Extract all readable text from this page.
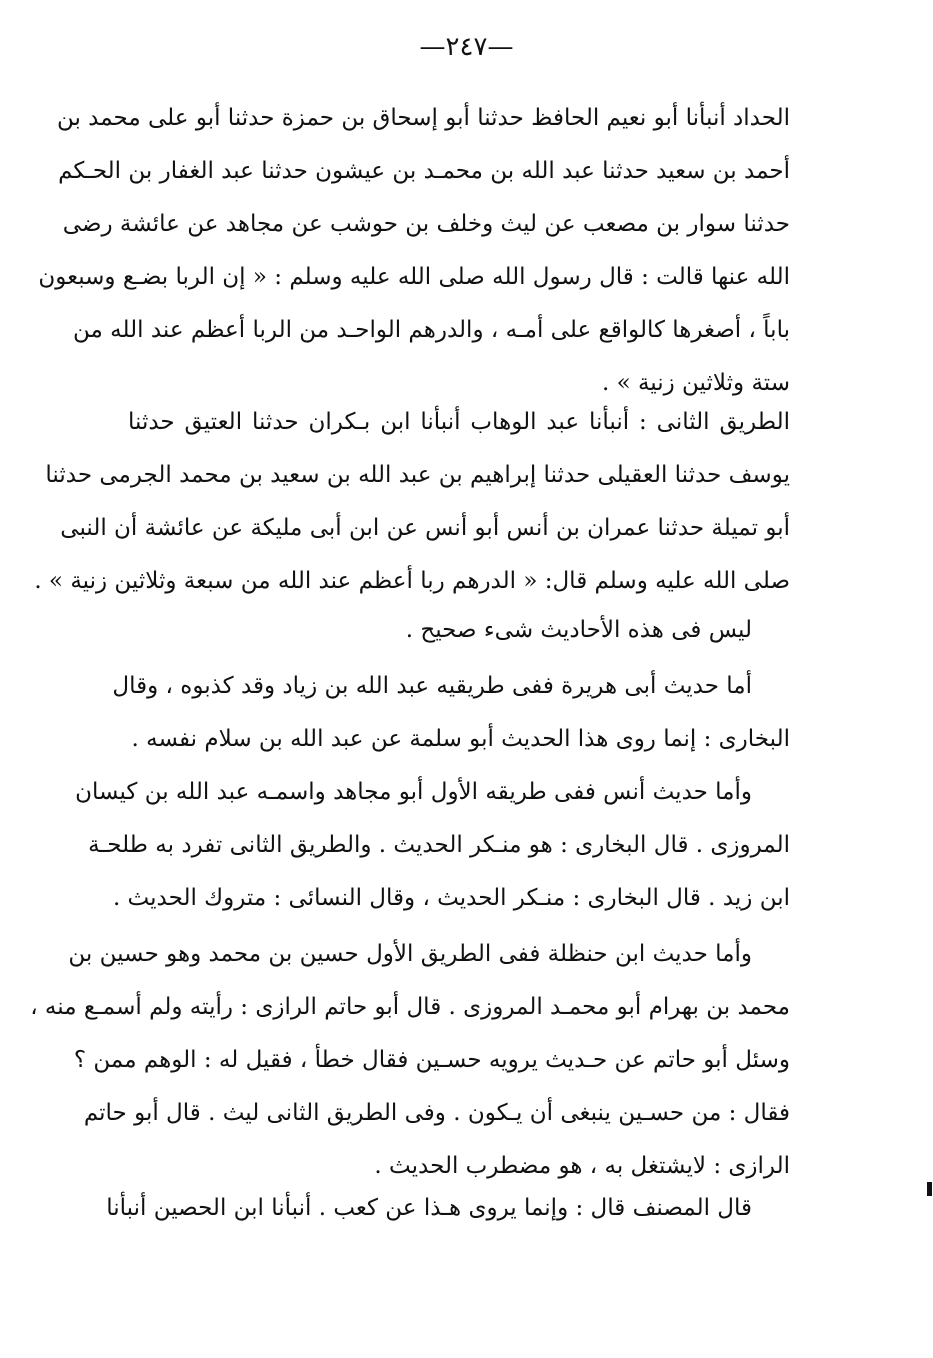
—٢٤٧—
الحداد أنبأنا أبو نعيم الحافظ حدثنا أبو إسحاق بن حمزة حدثنا أبو على محمد بن
أحمد بن سعيد حدثنا عبد الله بن محمـد بن عيشون حدثنا عبد الغفار بن الحـكم
حدثنا سوار بن مصعب عن ليث وخلف بن حوشب عن مجاهد عن عائشة رضى
الله عنها قالت : قال رسول الله صلى الله عليه وسلم : « إن الربا بضـع وسبعون
باباً ، أصغرها كالواقع على أمـه ، والدرهم الواحـد من الربا أعظم عند الله من
ستة وثلاثين زنية » .
الطريق الثانى : أنبأنا عبد الوهاب أنبأنا ابن بـكران حدثنا العتيق حدثنا
يوسف حدثنا العقيلى حدثنا إبراهيم بن عبد الله بن سعيد بن محمد الجرمى حدثنا
أبو تميلة حدثنا عمران بن أنس أبو أنس عن ابن أبى مليكة عن عائشة أن النبى
صلى الله عليه وسلم قال: « الدرهم ربا أعظم عند الله من سبعة وثلاثين زنية » .
ليس فى هذه الأحاديث شىء صحيح .
أما حديث أبى هريرة ففى طريقيه عبد الله بن زياد وقد كذبوه ، وقال
البخارى : إنما روى هذا الحديث أبو سلمة عن عبد الله بن سلام نفسه .
وأما حديث أنس ففى طريقه الأول أبو مجاهد واسمـه عبد الله بن كيسان
المروزى . قال البخارى : هو منـكر الحديث . والطريق الثانى تفرد به طلحـة
ابن زيد . قال البخارى : منـكر الحديث ، وقال النسائى : متروك الحديث .
وأما حديث ابن حنظلة ففى الطريق الأول حسين بن محمد وهو حسين بن
محمد بن بهرام أبو محمـد المروزى . قال أبو حاتم الرازى : رأيته ولم أسمـع منه ،
وسئل أبو حاتم عن حـديث يرويه حسـين فقال خطأ ، فقيل له : الوهم ممن ؟
فقال : من حسـين ينبغى أن يـكون . وفى الطريق الثانى ليث . قال أبو حاتم
الرازى : لايشتغل به ، هو مضطرب الحديث .
قال المصنف قال : وإنما يروى هـذا عن كعب . أنبأنا ابن الحصين أنبأنا
